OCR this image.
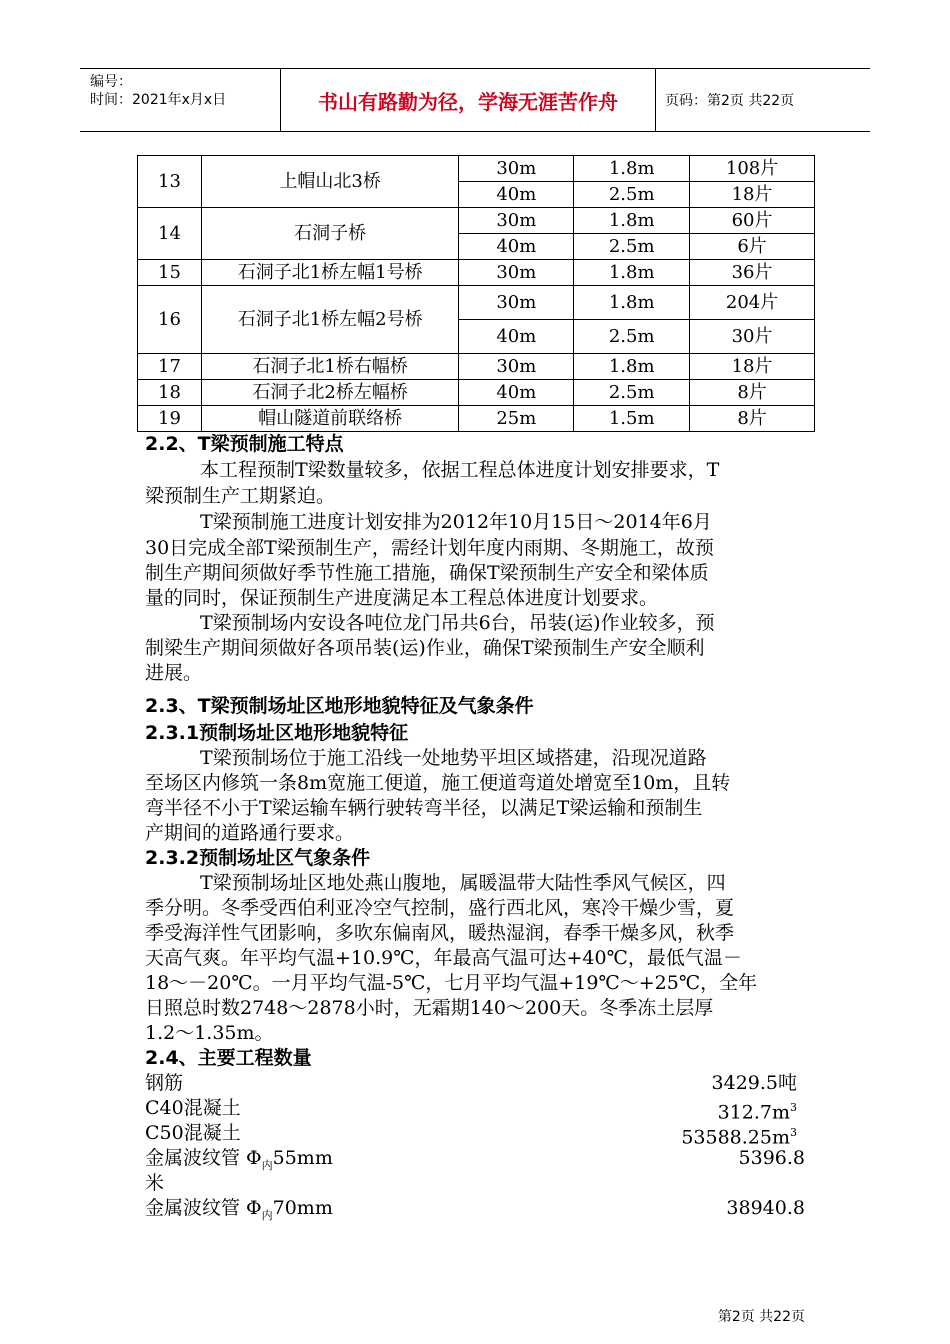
编号：
时间：2021年x月x日	书山有路勤为径，学海无涯苦作舟	页码：第2页 共22页
13	上帽山北3桥	30m	1.8m	108片
		40m	2.5m	18片
14	石洞子桥	30m	1.8m	60片
		40m	2.5m	6片
15	石洞子北1桥左幅1号桥	30m	1.8m	36片
16	石洞子北1桥左幅2号桥	30m	1.8m	204片
		40m	2.5m	30片
17	石洞子北1桥右幅桥	30m	1.8m	18片
18	石洞子北2桥左幅桥	40m	2.5m	8片
19	帽山隧道前联络桥	25m	1.5m	8片
2.2、T梁预制施工特点
本工程预制T梁数量较多，依据工程总体进度计划安排要求，T
梁预制生产工期紧迫。
T梁预制施工进度计划安排为2012年10月15日～2014年6月
30日完成全部T梁预制生产，需经计划年度内雨期、冬期施工，故预
制生产期间须做好季节性施工措施，确保T梁预制生产安全和梁体质
量的同时，保证预制生产进度满足本工程总体进度计划要求。
T梁预制场内安设各吨位龙门吊共6台，吊装(运)作业较多，预
制梁生产期间须做好各项吊装(运)作业，确保T梁预制生产安全顺利
进展。
2.3、T梁预制场址区地形地貌特征及气象条件
2.3.1预制场址区地形地貌特征
T梁预制场位于施工沿线一处地势平坦区域搭建，沿现况道路
至场区内修筑一条8m宽施工便道，施工便道弯道处增宽至10m，且转
弯半径不小于T梁运输车辆行驶转弯半径，以满足T梁运输和预制生
产期间的道路通行要求。
2.3.2预制场址区气象条件
T梁预制场址区地处燕山腹地，属暖温带大陆性季风气候区，四
季分明。冬季受西伯利亚冷空气控制，盛行西北风，寒冷干燥少雪，夏
季受海洋性气团影响，多吹东偏南风，暖热湿润，春季干燥多风，秋季
天高气爽。年平均气温+10.9℃，年最高气温可达+40℃，最低气温－
18～－20℃。一月平均气温-5℃，七月平均气温+19℃～+25℃，全年
日照总时数2748～2878小时，无霜期140～200天。冬季冻土层厚
1.2～1.35m。
2.4、主要工程数量
钢筋	3429.5吨
C40混凝土	$312.7m^3$
C50混凝土	$53588.25m^3$
金属波纹管 $\Phi_内55mm$	5396.8
米
金属波纹管 $\Phi_内70mm$	38940.8
第2页 共22页
